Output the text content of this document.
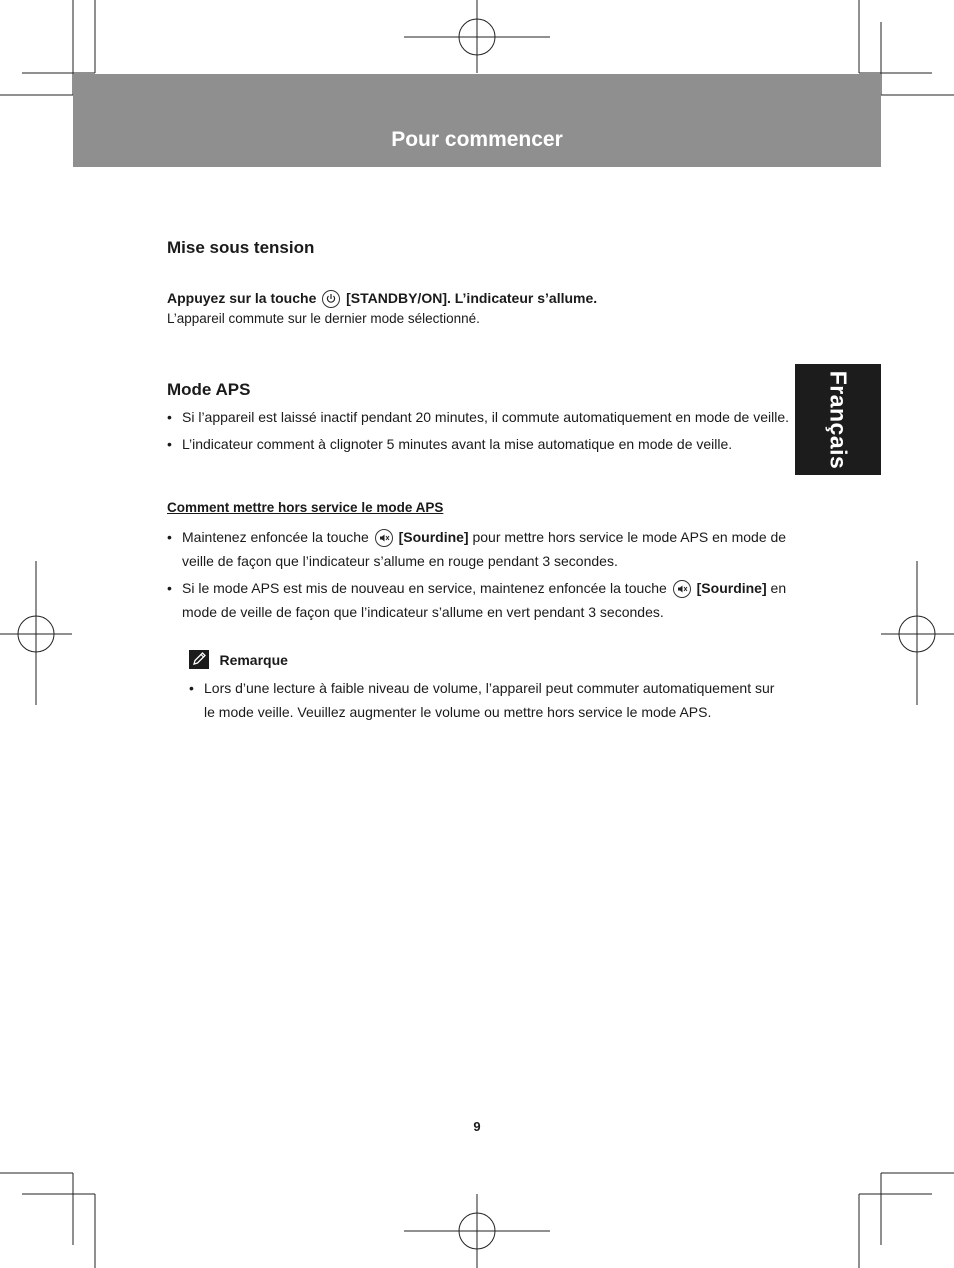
Pour commencer
Français
Mise sous tension
Appuyez sur la touche [STANDBY/ON]. L’indicateur s’allume.
L’appareil commute sur le dernier mode sélectionné.
Mode APS
• Si l’appareil est laissé inactif pendant 20 minutes, il commute automatiquement en mode de veille.
• L’indicateur comment à clignoter 5 minutes avant la mise automatique en mode de veille.
Comment mettre hors service le mode APS
• Maintenez enfoncée la touche [Sourdine] pour mettre hors service le mode APS en mode de veille de façon que l’indicateur s’allume en rouge pendant 3 secondes.
• Si le mode APS est mis de nouveau en service, maintenez enfoncée la touche [Sourdine] en mode de veille de façon que l’indicateur s’allume en vert pendant 3 secondes.
Remarque
• Lors d’une lecture à faible niveau de volume, l’appareil peut commuter automatiquement sur le mode veille. Veuillez augmenter le volume ou mettre hors service le mode APS.
9
